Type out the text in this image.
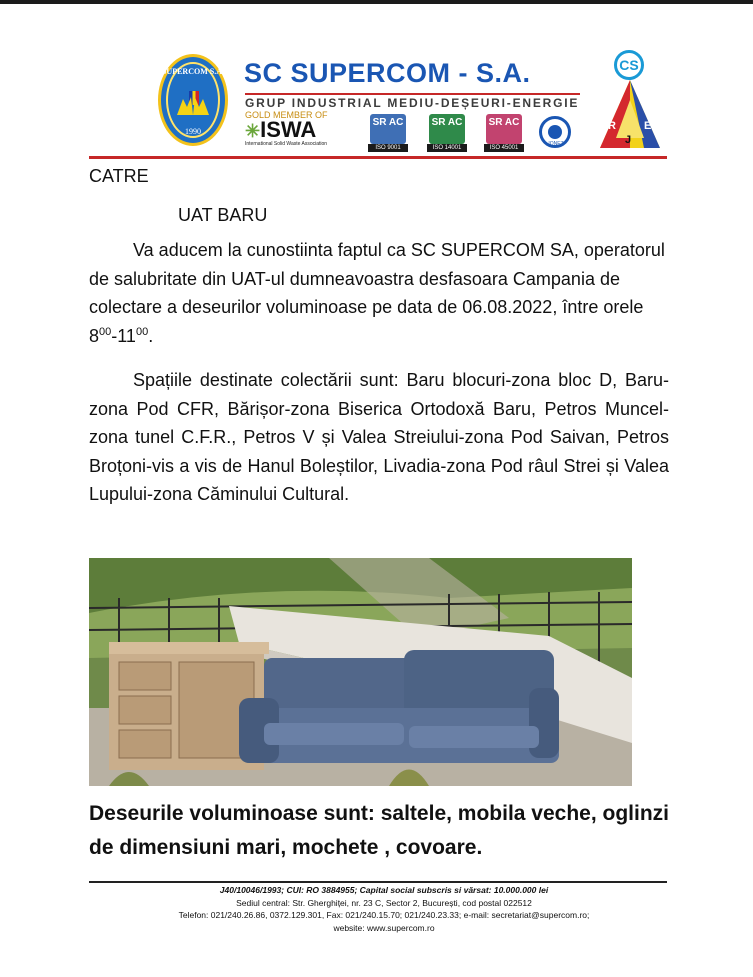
SUPERCOM S.A.
1990
SC SUPERCOM - S.A.
GRUP INDUSTRIAL MEDIU-DEȘEURI-ENERGIE
GOLD MEMBER OF
✳ISWA
International Solid Waste Association
SR AC
ISO 9001
SR AC
ISO 14001
SR AC
ISO 45001
IQNET
CS
R
J
E
CATRE
UAT BARU
Va aducem la cunostiinta faptul ca SC SUPERCOM SA, operatorul de salubritate din UAT-ul dumneavoastra desfasoara Campania de colectare a deseurilor voluminoase pe data de 06.08.2022, între orele $8^{00}-11^{00}$.
Spațiile destinate colectării sunt: Baru blocuri-zona bloc D, Baru-zona Pod CFR, Bărișor-zona Biserica Ortodoxă Baru, Petros Muncel-zona tunel C.F.R., Petros V și Valea Streiului-zona Pod Saivan, Petros Broțoni-vis a vis de Hanul Boleștilor, Livadia-zona Pod râul Strei și Valea Lupului-zona Căminului Cultural.
Deseurile voluminoase sunt: saltele, mobila veche, oglinzi de dimensiuni mari, mochete , covoare.
J40/10046/1993; CUI: RO 3884955; Capital social subscris si vărsat: 10.000.000 lei
Sediul central: Str. Gherghiței, nr. 23 C, Sector 2, București, cod postal 022512
Telefon: 021/240.26.86, 0372.129.301, Fax: 021/240.15.70; 021/240.23.33; e-mail: secretariat@supercom.ro;
website: www.supercom.ro
